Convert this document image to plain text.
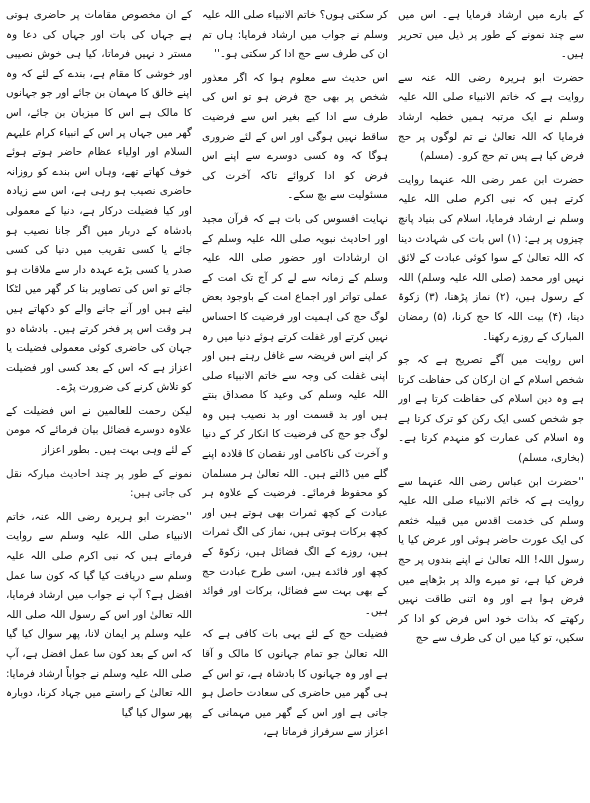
کے بارے میں ارشاد فرمایا ہے۔ اس میں سے چند نمونے کے طور پر ذیل میں تحریر ہیں۔

حضرت ابو ہریرہ رضی اللہ عنہ سے روایت ہے کہ خاتم الانبیاء صلی اللہ علیہ وسلم نے ایک مرتبہ ہمیں خطبہ ارشاد فرمایا کہ اللہ تعالیٰ نے تم لوگوں پر حج فرض کیا ہے پس تم حج کرو۔ (مسلم)

حضرت ابن عمر رضی اللہ عنہما روایت کرتے ہیں کہ نبی اکرم صلی اللہ علیہ وسلم نے ارشاد فرمایا، اسلام کی بنیاد پانچ چیزوں پر ہے: (۱) اس بات کی شہادت دینا کہ اللہ تعالیٰ کے سوا کوئی عبادت کے لائق نہیں اور محمد (صلی اللہ علیہ وسلم) اللہ کے رسول ہیں، (۲) نماز پڑھنا، (۳) زکوۃ دینا، (۴) بیت اللہ کا حج کرنا، (۵) رمضان المبارک کے روزے رکھنا۔

اس روایت میں آگے تصریح ہے کہ جو شخص اسلام کے ان ارکان کی حفاظت کرتا ہے وہ دین اسلام کی حفاظت کرتا ہے اور جو شخص کسی ایک رکن کو ترک کرتا ہے وہ اسلام کی عمارت کو منہدم کرتا ہے۔ (بخاری، مسلم)

''حضرت ابن عباس رضی اللہ عنہما سے روایت ہے کہ خاتم الانبیاء صلی اللہ علیہ وسلم کی خدمت اقدس میں قبیلہ خثعم کی ایک عورت حاضر ہوئی اور عرض کیا یا رسول اللہ! اللہ تعالیٰ نے اپنے بندوں پر حج فرض کیا ہے، تو میرے والد پر بڑھاپے میں فرض ہوا ہے اور وہ اتنی طاقت نہیں رکھتے کہ بذات خود اس فرض کو ادا کر سکیں، تو کیا میں ان کی طرف سے حج

کر سکتی ہوں؟ خاتم الانبیاء صلی اللہ علیہ وسلم نے جواب میں ارشاد فرمایا: ہاں تم ان کی طرف سے حج ادا کر سکتی ہو۔''

اس حدیث سے معلوم ہوا کہ اگر معذور شخص پر بھی حج فرض ہو تو اس کی طرف سے ادا کیے بغیر اس سے فرضیت ساقط نہیں ہوگی اور اس کے لئے ضروری ہوگا کہ وہ کسی دوسرے سے اپنے اس فرض کو ادا کروائے تاکہ آخرت کی مسئولیت سے بچ سکے۔

نہایت افسوس کی بات ہے کہ قرآن مجید اور احادیث نبویہ صلی اللہ علیہ وسلم کے ان ارشادات اور حضور صلی اللہ علیہ وسلم کے زمانہ سے لے کر آج تک امت کے عملی تواتر اور اجماع امت کے باوجود بعض لوگ حج کی اہمیت اور فرضیت کا احساس نہیں کرتے اور غفلت کرتے ہوئے دنیا میں رہ کر اپنے اس فریضہ سے غافل رہتے ہیں اور اپنی غفلت کی وجہ سے خاتم الانبیاء صلی اللہ علیہ وسلم کی وعید کا مصداق بنتے ہیں اور بد قسمت اور بد نصیب ہیں وہ لوگ جو حج کی فرضیت کا انکار کر کے دنیا و آخرت کی ناکامی اور نقصان کا قلادہ اپنے گلے میں ڈالتے ہیں۔ اللہ تعالیٰ ہر مسلمان کو محفوظ فرمائے۔ فرضیت کے علاوہ ہر عبادت کے کچھ ثمرات بھی ہوتے ہیں اور کچھ برکات ہوتی ہیں، نماز کی الگ ثمرات ہیں، روزے کے الگ فضائل ہیں، زکوۃ کے کچھ اور فائدے ہیں، اسی طرح عبادت حج کے بھی بہت سے فضائل، برکات اور فوائد ہیں۔

فضیلت حج کے لئے یہی بات کافی ہے کہ اللہ تعالیٰ جو تمام جہانوں کا مالک و آقا ہے اور وہ جہانوں کا بادشاہ ہے، تو اس کے ہی گھر میں حاضری کی سعادت حاصل ہو جاتی ہے اور اس کے گھر میں مہمانی کے اعزاز سے سرفراز فرماتا ہے،

کے ان مخصوص مقامات پر حاضری ہوتی ہے جہاں کی بات اور جہاں کی دعا وہ مستر د نہیں فرماتا، کیا ہی خوش نصیبی اور خوشی کا مقام ہے، بندے کے لئے کہ وہ اپنے خالق کا مہمان بن جائے اور جو جہانوں کا مالک ہے اس کا میزبان بن جائے، اس گھر میں جہاں پر اس کے انبیاء کرام علیہم السلام اور اولیاء عظام حاضر ہوتے ہوئے خوف کھاتے تھے، وہاں اس بندے کو روزانہ حاضری نصیب ہو رہی ہے، اس سے زیادہ اور کیا فضیلت درکار ہے، دنیا کے معمولی بادشاہ کے دربار میں اگر جانا نصیب ہو جائے یا کسی تقریب میں دنیا کی کسی صدر یا کسی بڑے عہدہ دار سے ملاقات ہو جائے تو اس کی تصاویر بنا کر گھر میں لٹکا لیتے ہیں اور آنے جانے والے کو دکھاتے ہیں ہر وقت اس پر فخر کرتے ہیں۔ بادشاہ دو جہان کی حاضری کوئی معمولی فضیلت یا اعزاز ہے کہ اس کے بعد کسی اور فضیلت کو تلاش کرنے کی ضرورت پڑے۔

لیکن رحمت للعالمین نے اس فضیلت کے علاوہ دوسرے فضائل بیان فرمائے کہ مومن کے لئے وہی بہت ہیں۔ بطور اعزاز

نمونے کے طور پر چند احادیث مبارکہ نقل کی جاتی ہیں:

''حضرت ابو ہریرہ رضی اللہ عنہ، خاتم الانبیاء صلی اللہ علیہ وسلم سے روایت فرماتے ہیں کہ نبی اکرم صلی اللہ علیہ وسلم سے دریافت کیا گیا کہ کون سا عمل افضل ہے؟ آپ نے جواب میں ارشاد فرمایا، اللہ تعالیٰ اور اس کے رسول اللہ صلی اللہ علیہ وسلم پر ایمان لانا، پھر سوال کیا گیا کہ اس کے بعد کون سا عمل افضل ہے، آپ صلی اللہ علیہ وسلم نے جواباً ارشاد فرمایا: اللہ تعالیٰ کے راستے میں جہاد کرنا، دوبارہ پھر سوال کیا گیا
